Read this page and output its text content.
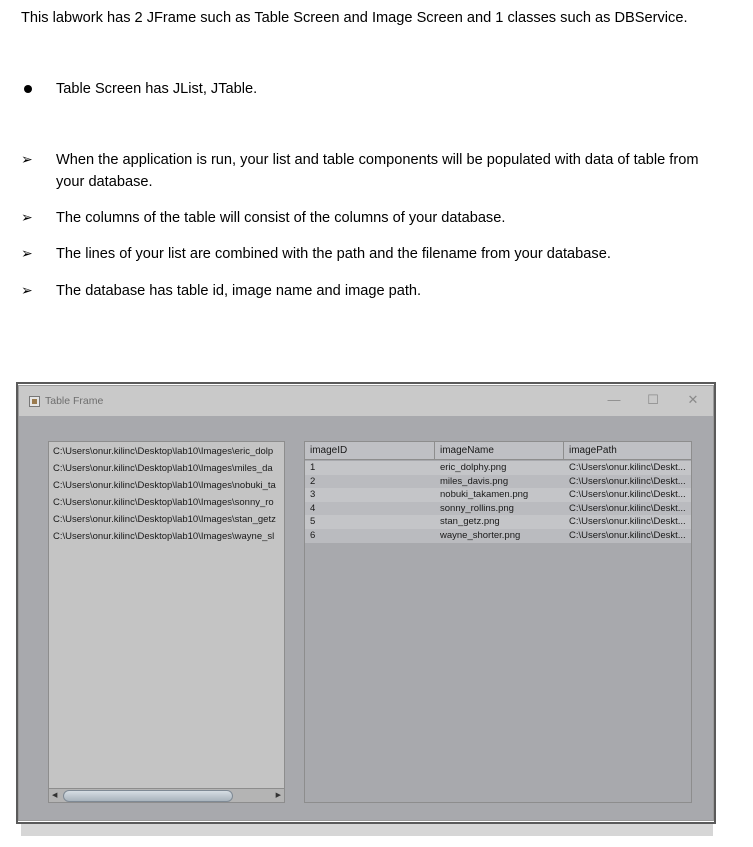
This labwork has 2 JFrame such as Table Screen and Image Screen and 1 classes such as DBService.
Table Screen has JList, JTable.
➢ When the application is run, your list and table components will be populated with data of table from your database.
➢ The columns of the table will consist of the columns of your database.
➢ The lines of your list are combined with the path and the filename from your database.
➢ The database has table id, image name and image path.
Table Frame	—	☐	✕
C:\Users\onur.kilinc\Desktop\lab10\Images\eric_dolp
C:\Users\onur.kilinc\Desktop\lab10\Images\miles_da
C:\Users\onur.kilinc\Desktop\lab10\Images\nobuki_ta
C:\Users\onur.kilinc\Desktop\lab10\Images\sonny_ro
C:\Users\onur.kilinc\Desktop\lab10\Images\stan_getz
C:\Users\onur.kilinc\Desktop\lab10\Images\wayne_sl
◀	▶
imageID	imageName	imagePath
1	eric_dolphy.png	C:\Users\onur.kilinc\Deskt...
2	miles_davis.png	C:\Users\onur.kilinc\Deskt...
3	nobuki_takamen.png	C:\Users\onur.kilinc\Deskt...
4	sonny_rollins.png	C:\Users\onur.kilinc\Deskt...
5	stan_getz.png	C:\Users\onur.kilinc\Deskt...
6	wayne_shorter.png	C:\Users\onur.kilinc\Deskt...
